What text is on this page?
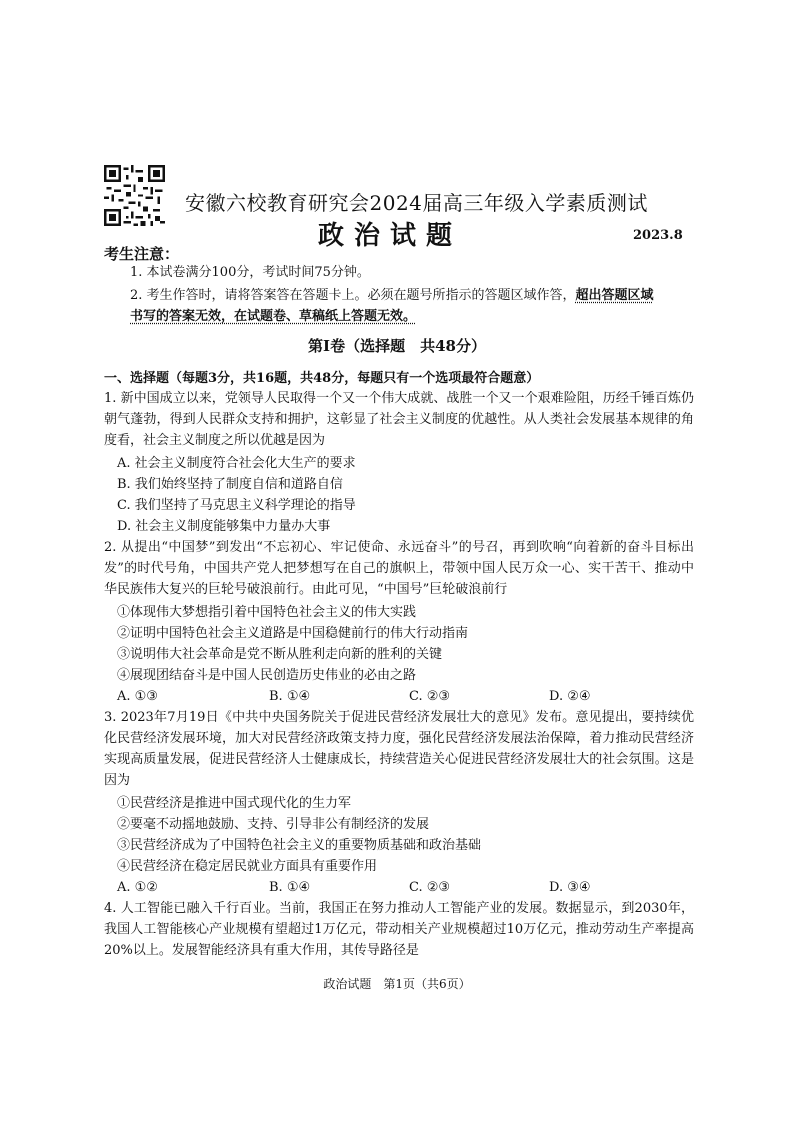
安徽六校教育研究会2024届高三年级入学素质测试
政治试题	2023.8
考生注意：
1. 本试卷满分100分，考试时间75分钟。
2. 考生作答时，请将答案答在答题卡上。必须在题号所指示的答题区域作答，超出答题区域
书写的答案无效，在试题卷、草稿纸上答题无效。
第Ⅰ卷（选择题　共48分）
一、选择题（每题3分，共16题，共48分，每题只有一个选项最符合题意）
1. 新中国成立以来，党领导人民取得一个又一个伟大成就、战胜一个又一个艰难险阻，历经千锤百炼仍朝气蓬勃，得到人民群众支持和拥护，这彰显了社会主义制度的优越性。从人类社会发展基本规律的角度看，社会主义制度之所以优越是因为
A. 社会主义制度符合社会化大生产的要求
B. 我们始终坚持了制度自信和道路自信
C. 我们坚持了马克思主义科学理论的指导
D. 社会主义制度能够集中力量办大事
2. 从提出“中国梦”到发出“不忘初心、牢记使命、永远奋斗”的号召，再到吹响“向着新的奋斗目标出发”的时代号角，中国共产党人把梦想写在自己的旗帜上，带领中国人民万众一心、实干苦干、推动中华民族伟大复兴的巨轮号破浪前行。由此可见，“中国号”巨轮破浪前行
①体现伟大梦想指引着中国特色社会主义的伟大实践
②证明中国特色社会主义道路是中国稳健前行的伟大行动指南
③说明伟大社会革命是党不断从胜利走向新的胜利的关键
④展现团结奋斗是中国人民创造历史伟业的必由之路
A. ①③	B. ①④	C. ②③	D. ②④
3. 2023年7月19日《中共中央国务院关于促进民营经济发展壮大的意见》发布。意见提出，要持续优化民营经济发展环境，加大对民营经济政策支持力度，强化民营经济发展法治保障，着力推动民营经济实现高质量发展，促进民营经济人士健康成长，持续营造关心促进民营经济发展壮大的社会氛围。这是因为
①民营经济是推进中国式现代化的生力军
②要毫不动摇地鼓励、支持、引导非公有制经济的发展
③民营经济成为了中国特色社会主义的重要物质基础和政治基础
④民营经济在稳定居民就业方面具有重要作用
A. ①②	B. ①④	C. ②③	D. ③④
4. 人工智能已融入千行百业。当前，我国正在努力推动人工智能产业的发展。数据显示，到2030年，我国人工智能核心产业规模有望超过1万亿元，带动相关产业规模超过10万亿元，推动劳动生产率提高20%以上。发展智能经济具有重大作用，其传导路径是
政治试题　第1页（共6页）
